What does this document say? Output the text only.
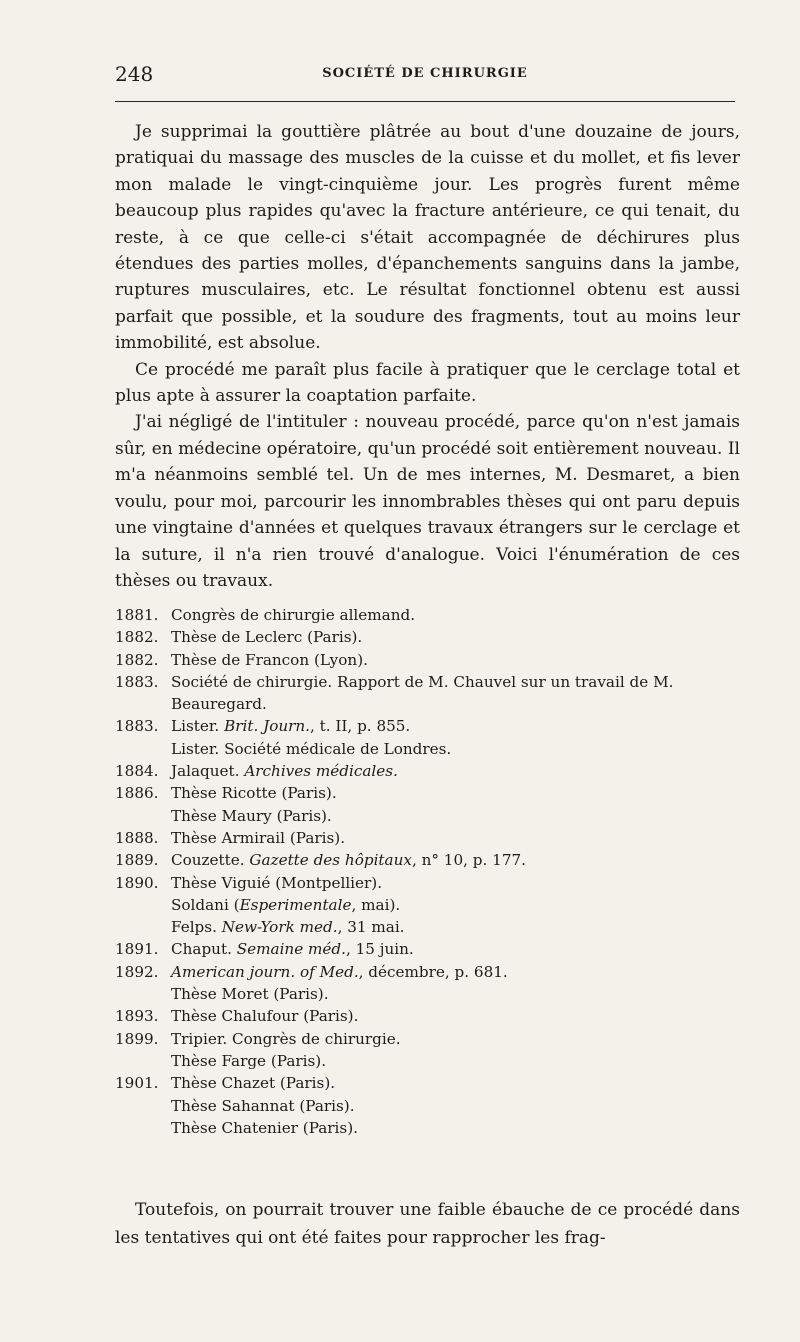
248	SOCIÉTÉ DE CHIRURGIE

Je supprimai la gouttière plâtrée au bout d'une douzaine de jours, pratiquai du massage des muscles de la cuisse et du mollet, et fis lever mon malade le vingt-cinquième jour. Les progrès furent même beaucoup plus rapides qu'avec la fracture antérieure, ce qui tenait, du reste, à ce que celle-ci s'était accompagnée de déchirures plus étendues des parties molles, d'épanchements sanguins dans la jambe, ruptures musculaires, etc. Le résultat fonctionnel obtenu est aussi parfait que possible, et la soudure des fragments, tout au moins leur immobilité, est absolue.

Ce procédé me paraît plus facile à pratiquer que le cerclage total et plus apte à assurer la coaptation parfaite.

J'ai négligé de l'intituler : nouveau procédé, parce qu'on n'est jamais sûr, en médecine opératoire, qu'un procédé soit entièrement nouveau. Il m'a néanmoins semblé tel. Un de mes internes, M. Desmaret, a bien voulu, pour moi, parcourir les innombrables thèses qui ont paru depuis une vingtaine d'années et quelques travaux étrangers sur le cerclage et la suture, il n'a rien trouvé d'analogue. Voici l'énumération de ces thèses ou travaux.

1881. Congrès de chirurgie allemand.
1882. Thèse de Leclerc (Paris).
1882. Thèse de Francon (Lyon).
1883. Société de chirurgie. Rapport de M. Chauvel sur un travail de M. Beauregard.
1883. Lister. Brit. Journ., t. II, p. 855.
Lister. Société médicale de Londres.
1884. Jalaquet. Archives médicales.
1886. Thèse Ricotte (Paris).
Thèse Maury (Paris).
1888. Thèse Armirail (Paris).
1889. Couzette. Gazette des hôpitaux, n° 10, p. 177.
1890. Thèse Viguié (Montpellier).
Soldani (Esperimentale, mai).
Felps. New-York med., 31 mai.
1891. Chaput. Semaine méd., 15 juin.
1892. American journ. of Med., décembre, p. 681.
Thèse Moret (Paris).
1893. Thèse Chalufour (Paris).
1899. Tripier. Congrès de chirurgie.
Thèse Farge (Paris).
1901. Thèse Chazet (Paris).
Thèse Sahannat (Paris).
Thèse Chatenier (Paris).

Toutefois, on pourrait trouver une faible ébauche de ce procédé dans les tentatives qui ont été faites pour rapprocher les frag-
